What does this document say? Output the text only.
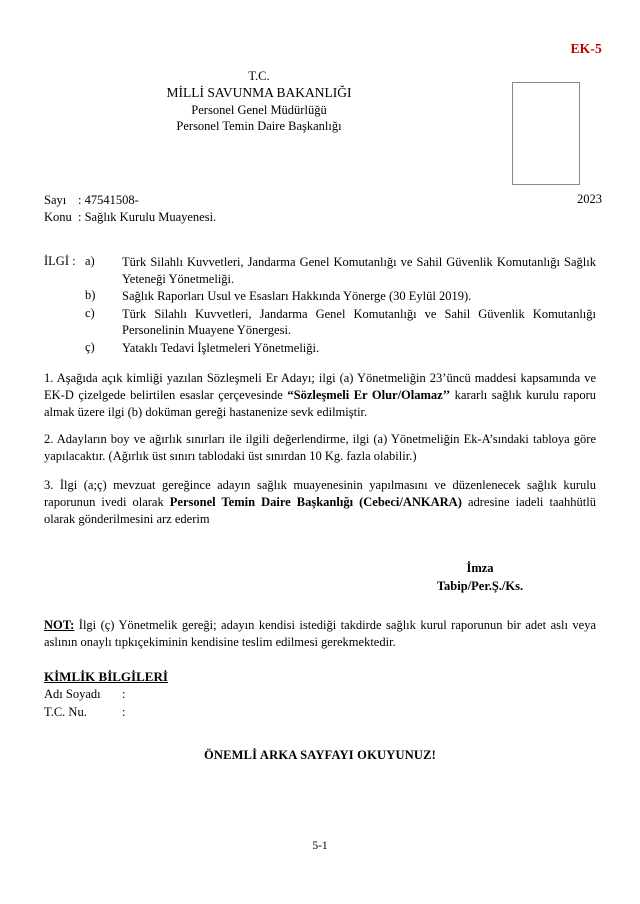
EK-5
T.C.
MİLLİ SAVUNMA BAKANLIĞI
Personel Genel Müdürlüğü
Personel Temin Daire Başkanlığı
Sayı : 47541508-
Konu : Sağlık Kurulu Muayenesi.
2023
İLGİ : a)	Türk Silahlı Kuvvetleri, Jandarma Genel Komutanlığı ve Sahil Güvenlik Komutanlığı Sağlık Yeteneği Yönetmeliği.
b)	Sağlık Raporları Usul ve Esasları Hakkında Yönerge (30 Eylül 2019).
c)	Türk Silahlı Kuvvetleri, Jandarma Genel Komutanlığı ve Sahil Güvenlik Komutanlığı Personelinin Muayene Yönergesi.
ç)	Yataklı Tedavi İşletmeleri Yönetmeliği.
1. Aşağıda açık kimliği yazılan Sözleşmeli Er Adayı; ilgi (a) Yönetmeliğin 23’üncü maddesi kapsamında ve EK-D çizelgede belirtilen esaslar çerçevesinde “Sözleşmeli Er Olur/Olamaz’’ kararlı sağlık kurulu raporu almak üzere ilgi (b) doküman gereği hastanenize sevk edilmiştir.
2. Adayların boy ve ağırlık sınırları ile ilgili değerlendirme, ilgi (a) Yönetmeliğin Ek-A’sındaki tabloya göre yapılacaktır. (Ağırlık üst sınırı tablodaki üst sınırdan 10 Kg. fazla olabilir.)
3. İlgi (a;ç) mevzuat gereğince adayın sağlık muayenesinin yapılmasını ve düzenlenecek sağlık kurulu raporunun ivedi olarak Personel Temin Daire Başkanlığı (Cebeci/ANKARA) adresine iadeli taahhütlü olarak gönderilmesini arz ederim
İmza
Tabip/Per.Ş./Ks.
NOT: İlgi (ç) Yönetmelik gereği; adayın kendisi istediği takdirde sağlık kurul raporunun bir adet aslı veya aslının onaylı tıpkıçekiminin kendisine teslim edilmesi gerekmektedir.
KİMLİK BİLGİLERİ
Adı Soyadı :
T.C. Nu.	:
ÖNEMLİ ARKA SAYFAYI OKUYUNUZ!
5-1
